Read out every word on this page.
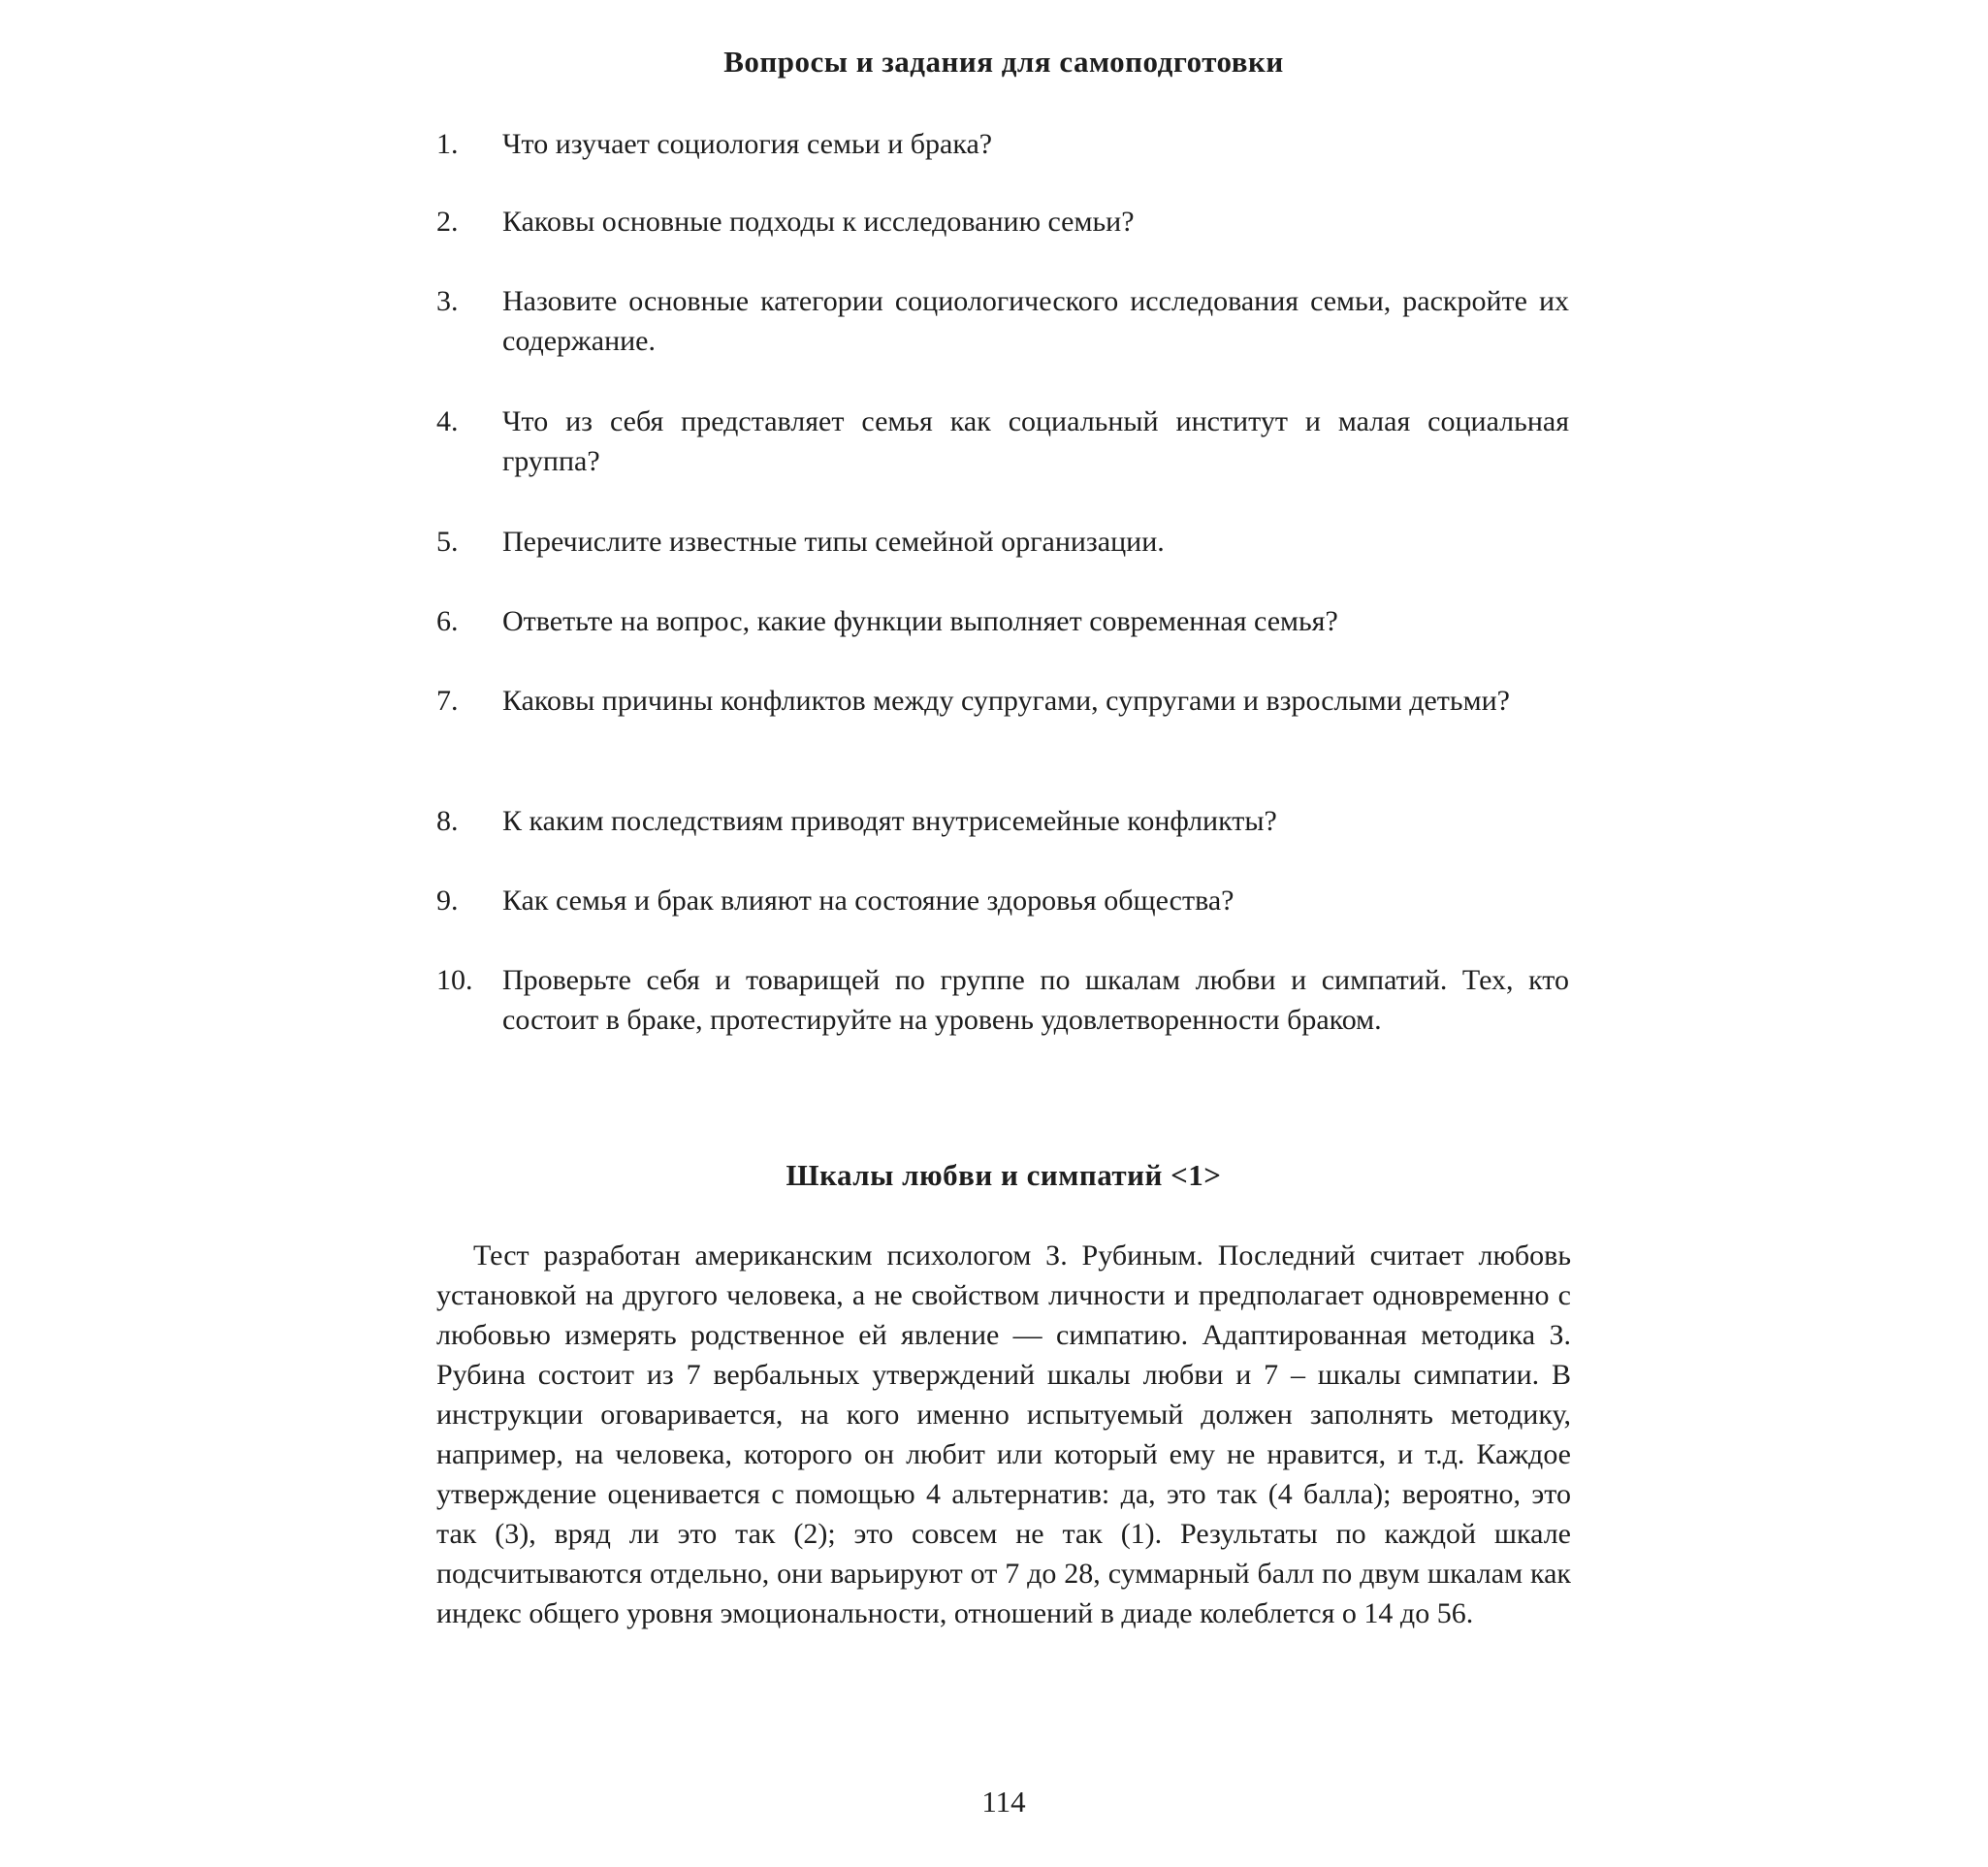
Вопросы и задания для самоподготовки
1.	Что изучает социология семьи и брака?
2.	Каковы основные подходы к исследованию семьи?
3.	Назовите основные категории социологического исследования семьи, раскройте их содержание.
4.	Что из себя представляет семья как социальный институт и малая социальная группа?
5.	Перечислите известные типы семейной организации.
6.	Ответьте на вопрос, какие функции выполняет современная семья?
7.	Каковы причины конфликтов между супругами, супругами и взрослыми детьми?
8.	К каким последствиям приводят внутрисемейные конфликты?
9.	Как семья и брак влияют на состояние здоровья общества?
10.	Проверьте себя и товарищей по группе по шкалам любви и симпатий. Тех, кто состоит в браке, протестируйте на уровень удовлетворенности браком.
Шкалы любви и симпатий <1>
Тест разработан американским психологом З. Рубиным. Последний считает любовь установкой на другого человека, а не свойством личности и предполагает одновременно с любовью измерять родственное ей явление — симпатию. Адаптированная методика З. Рубина состоит из 7 вербальных утверждений шкалы любви и 7 – шкалы симпатии. В инструкции оговаривается, на кого именно испытуемый должен заполнять методику, например, на человека, которого он любит или который ему не нравится, и т.д. Каждое утверждение оценивается с помощью 4 альтернатив: да, это так (4 балла); вероятно, это так (3), вряд ли это так (2); это совсем не так (1). Результаты по каждой шкале подсчитываются отдельно, они варьируют от 7 до 28, суммарный балл по двум шкалам как индекс общего уровня эмоциональности, отношений в диаде колеблется о 14 до 56.
114
